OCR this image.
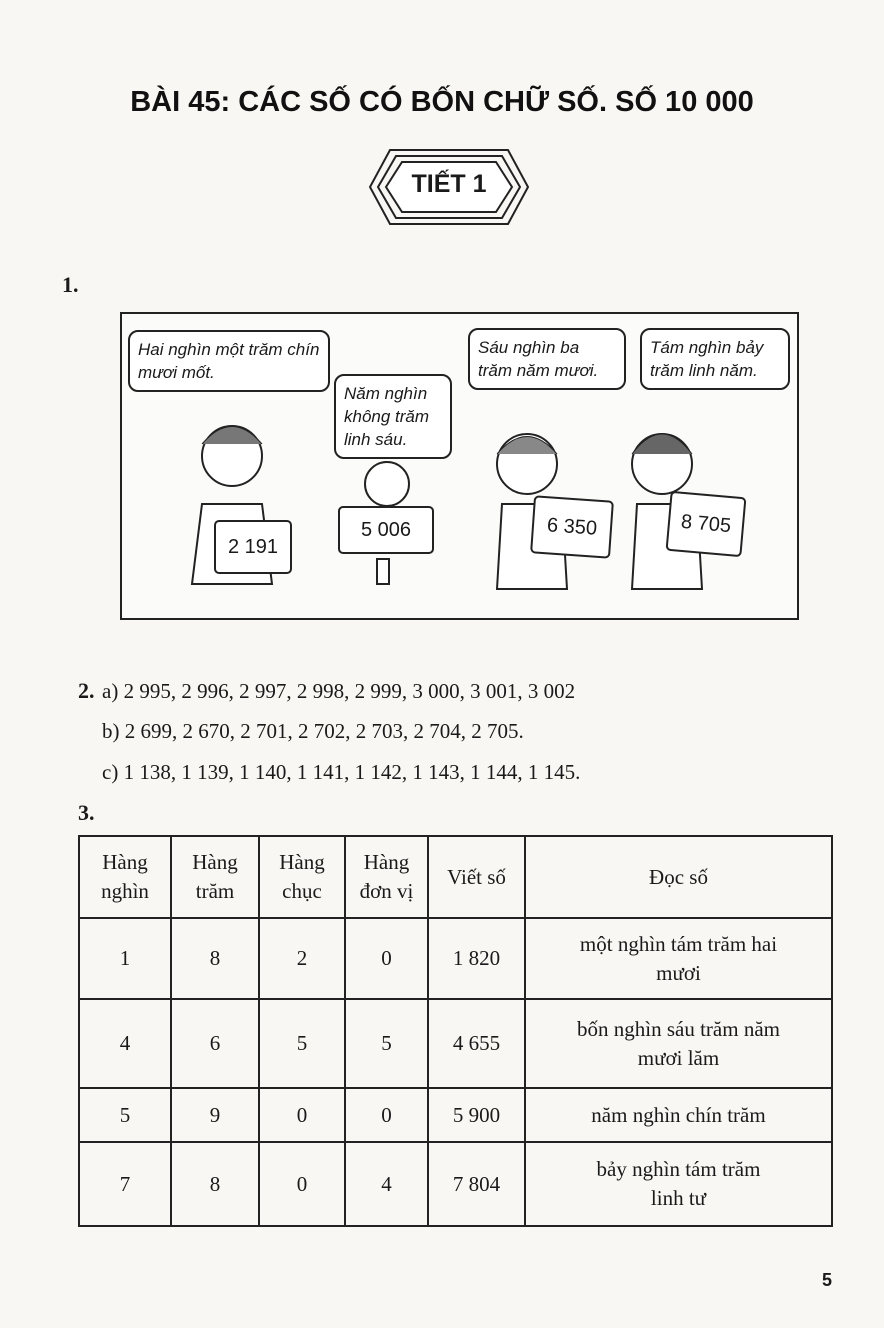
BÀI 45: CÁC SỐ CÓ BỐN CHỮ SỐ. SỐ 10 000
TIẾT 1
1.
Hai nghìn một trăm chín mươi mốt.
Năm nghìn không trăm linh sáu.
Sáu nghìn ba trăm năm mươi.
Tám nghìn bảy trăm linh năm.
2 191
5 006	6 350	8 705
2. a) 2 995, 2 996, 2 997, 2 998, 2 999, 3 000, 3 001, 3 002
b) 2 699, 2 670, 2 701, 2 702, 2 703, 2 704, 2 705.
c) 1 138, 1 139, 1 140, 1 141, 1 142, 1 143, 1 144, 1 145.
3.
Hàng nghìn	Hàng trăm	Hàng chục	Hàng đơn vị	Viết số	Đọc số
1	8	2	0	1 820	một nghìn tám trăm hai mươi
4	6	5	5	4 655	bốn nghìn sáu trăm năm mươi lăm
5	9	0	0	5 900	năm nghìn chín trăm
7	8	0	4	7 804	bảy nghìn tám trăm linh tư
5
